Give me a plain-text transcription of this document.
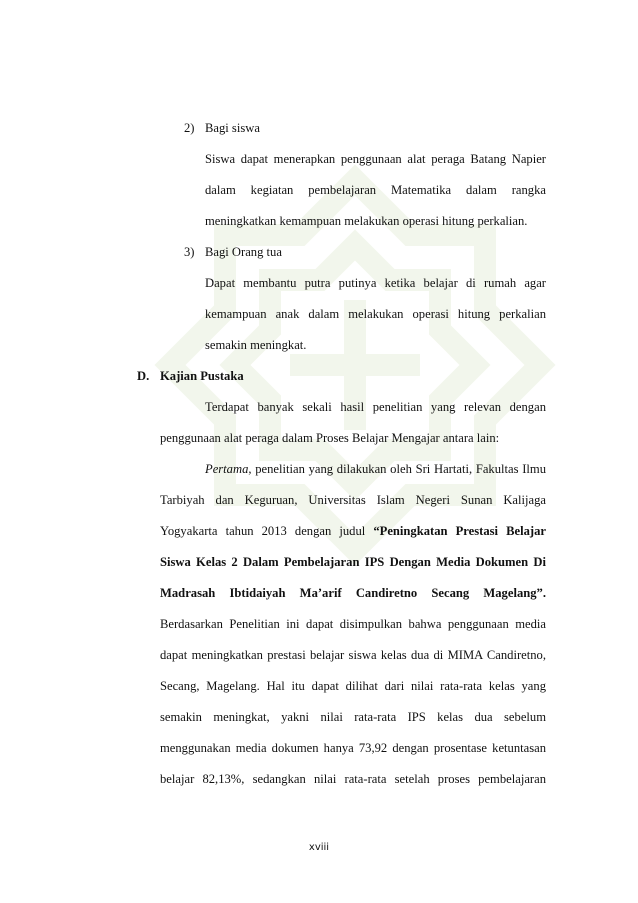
2) Bagi siswa
Siswa dapat menerapkan penggunaan alat peraga Batang Napier
dalam kegiatan pembelajaran Matematika dalam rangka
meningkatkan kemampuan melakukan operasi hitung perkalian.
3) Bagi Orang tua
Dapat membantu putra putinya ketika belajar di rumah agar
kemampuan anak dalam melakukan operasi hitung perkalian
semakin meningkat.
D. Kajian Pustaka
Terdapat banyak sekali hasil penelitian yang relevan dengan
penggunaan alat peraga dalam Proses Belajar Mengajar antara lain:
Pertama, penelitian yang dilakukan oleh Sri Hartati, Fakultas Ilmu
Tarbiyah dan Keguruan, Universitas Islam Negeri Sunan Kalijaga
Yogyakarta tahun 2013 dengan judul “Peningkatan Prestasi Belajar
Siswa Kelas 2 Dalam Pembelajaran IPS Dengan Media Dokumen Di
Madrasah Ibtidaiyah Ma’arif Candiretno Secang Magelang”.
Berdasarkan Penelitian ini dapat disimpulkan bahwa penggunaan media
dapat meningkatkan prestasi belajar siswa kelas dua di MIMA Candiretno,
Secang, Magelang. Hal itu dapat dilihat dari nilai rata-rata kelas yang
semakin meningkat, yakni nilai rata-rata IPS kelas dua sebelum
menggunakan media dokumen hanya 73,92 dengan prosentase ketuntasan
belajar 82,13%, sedangkan nilai rata-rata setelah proses pembelajaran
xviii
